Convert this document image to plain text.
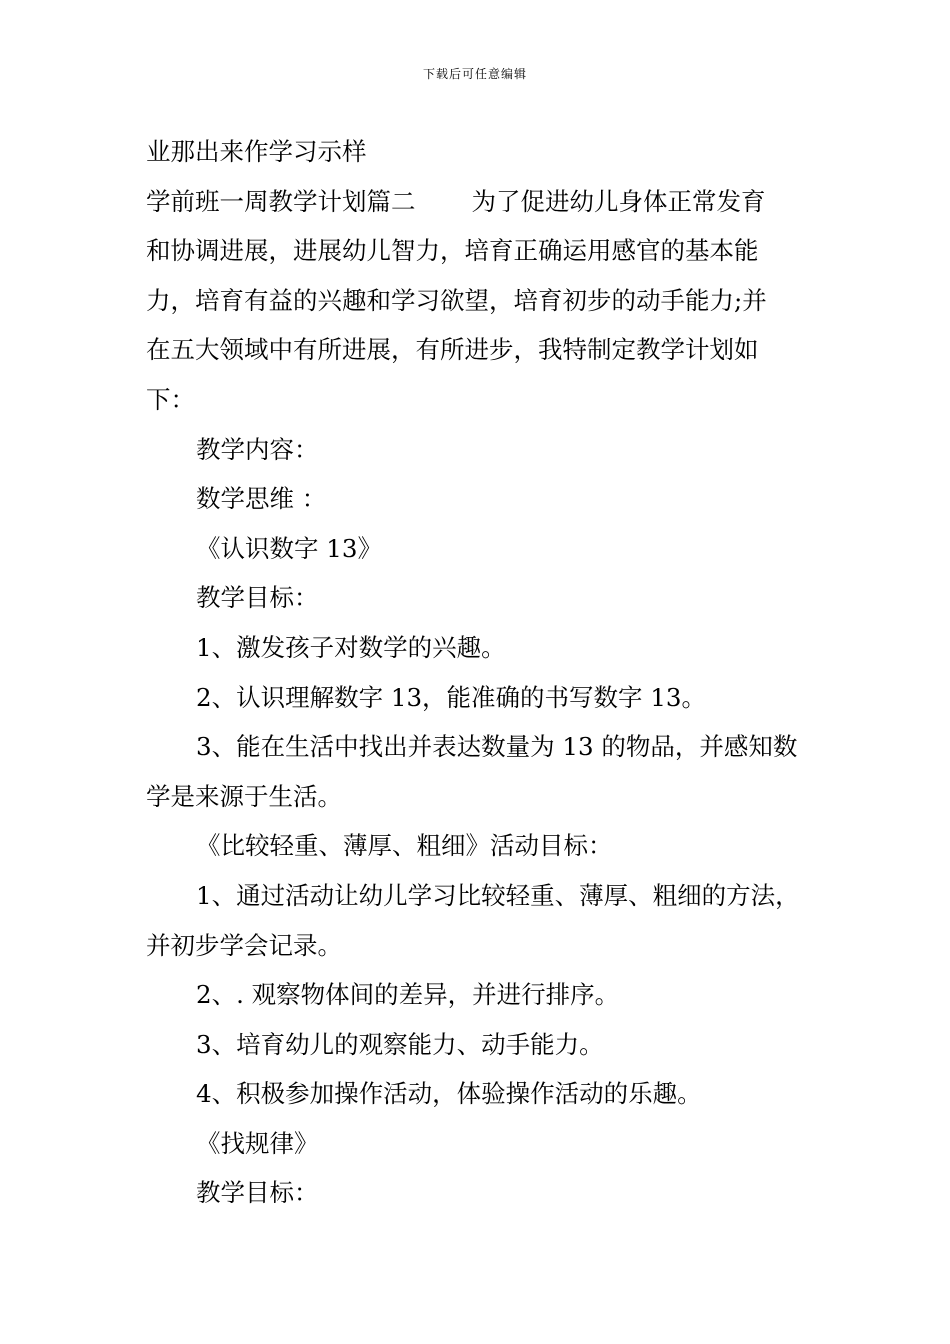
下载后可任意编辑
业那出来作学习示样
学前班一周教学计划篇二 为了促进幼儿身体正常发育
和协调进展，进展幼儿智力，培育正确运用感官的基本能
力，培育有益的兴趣和学习欲望，培育初步的动手能力;并
在五大领域中有所进展，有所进步，我特制定教学计划如
下：
教学内容：
数学思维 ：
《认识数字 13》
教学目标：
1、激发孩子对数学的兴趣。
2、认识理解数字 13，能准确的书写数字 13。
3、能在生活中找出并表达数量为 13 的物品，并感知数
学是来源于生活。
《比较轻重、薄厚、粗细》活动目标：
1、通过活动让幼儿学习比较轻重、薄厚、粗细的方法，
并初步学会记录。
2、. 观察物体间的差异，并进行排序。
3、培育幼儿的观察能力、动手能力。
4、积极参加操作活动，体验操作活动的乐趣。
《找规律》
教学目标：
